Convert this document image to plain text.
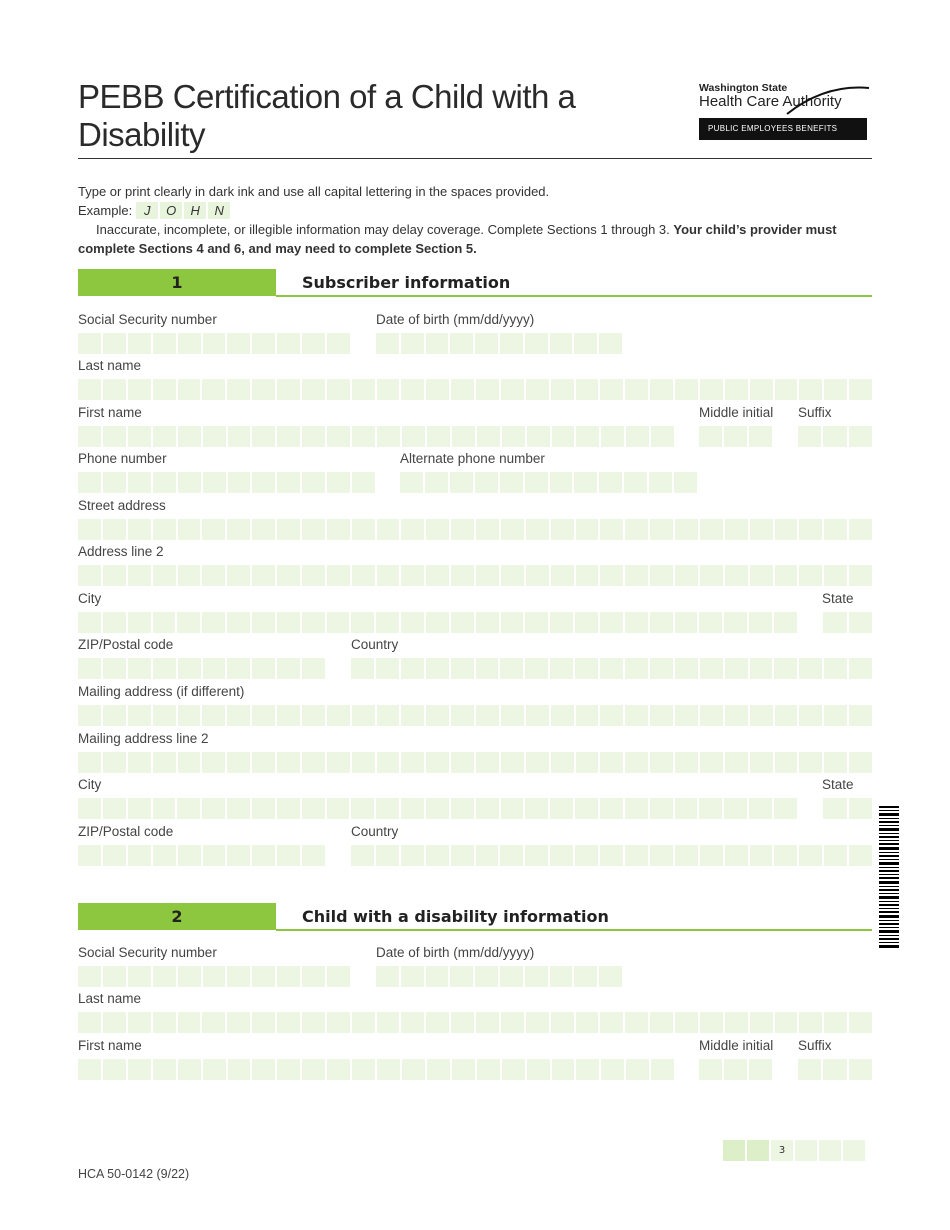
PEBB Certification of a Child with a Disability
Washington State
Health Care Authority
PUBLIC EMPLOYEES BENEFITS BOARD
Type or print clearly in dark ink and use all capital lettering in the spaces provided.
Example: J	O	H	N
Inaccurate, incomplete, or illegible information may delay coverage. Complete Sections 1 through 3. Your child’s provider must complete Sections 4 and 6, and may need to complete Section 5.
1	Subscriber information
Social Security number	Date of birth (mm/dd/yyyy)
Last name
First name	Middle initial Suffix
Phone number	Alternate phone number
Street address
Address line 2
City	State
ZIP/Postal code	Country
Mailing address (if different)
Mailing address line 2
City	State
ZIP/Postal code	Country
2	Child with a disability information
Social Security number	Date of birth (mm/dd/yyyy)
Last name
First name	Middle initial Suffix
3
HCA 50-0142 (9/22)
